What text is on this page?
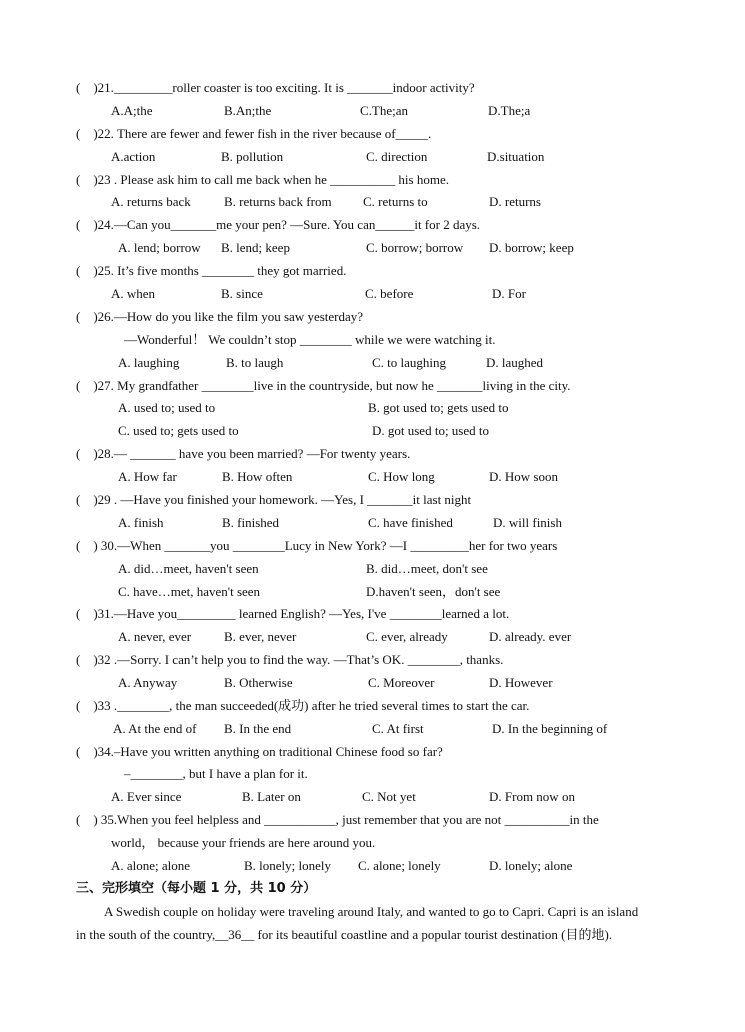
(    )21._________roller coaster is too exciting. It is _______indoor activity?
A.A;the	B.An;the	C.The;an	D.The;a
(    )22. There are fewer and fewer fish in the river because of_____.
A.action	B. pollution	C. direction	D.situation
(    )23 . Please ask him to call me back when he __________ his home.
A. returns back	B. returns back from C. returns to	D. returns
(    )24.—Can you_______me your pen? —Sure. You can______it for 2 days.
A. lend; borrow B. lend; keep	C. borrow; borrow D. borrow; keep
(    )25. It’s five months ________ they got married.
A. when	B. since	C. before	D. For
(    )26.—How do you like the film you saw yesterday?
—Wonderful！ We couldn’t stop ________ while we were watching it.
A. laughing	B. to laugh	C. to laughing	D. laughed
(    )27. My grandfather ________live in the countryside, but now he _______living in the city.
A. used to; used to	B. got used to; gets used to
C. used to; gets used to	D. got used to; used to
(    )28.— _______ have you been married? —For twenty years.
A. How far	B. How often	C. How long	D. How soon
(    )29 . —Have you finished your homework. —Yes, I _______it last night
A. finish	B. finished	C. have finished	D. will finish
(    ) 30.—When _______you ________Lucy in New York? —I _________her for two years
A. did…meet, haven't seen	B. did…meet, don't see
C. have…met, haven't seen	D.haven't seen，don't see
(    )31.—Have you_________ learned English? —Yes, I've ________learned a lot.
A. never, ever	B. ever, never	C. ever, already	D. already. ever
(    )32 .—Sorry. I can’t help you to find the way. —That’s OK. ________, thanks.
A. Anyway	B. Otherwise	C. Moreover	D. However
(    )33 .________, the man succeeded(成功) after he tried several times to start the car.
A. At the end of B. In the end	C. At first	D. In the beginning of
(    )34.–Have you written anything on traditional Chinese food so far?
–________, but I have a plan for it.
A. Ever since	B. Later on	C. Not yet	D. From now on
(    ) 35.When you feel helpless and ___________, just remember that you are not __________in the
world， because your friends are here around you.
A. alone; alone	B. lonely; lonely C. alone; lonely	D. lonely; alone
三、完形填空（每小题 1 分，共 10 分）
A Swedish couple on holiday were traveling around Italy, and wanted to go to Capri. Capri is an island
in the south of the country,__36__ for its beautiful coastline and a popular tourist destination (目的地).
